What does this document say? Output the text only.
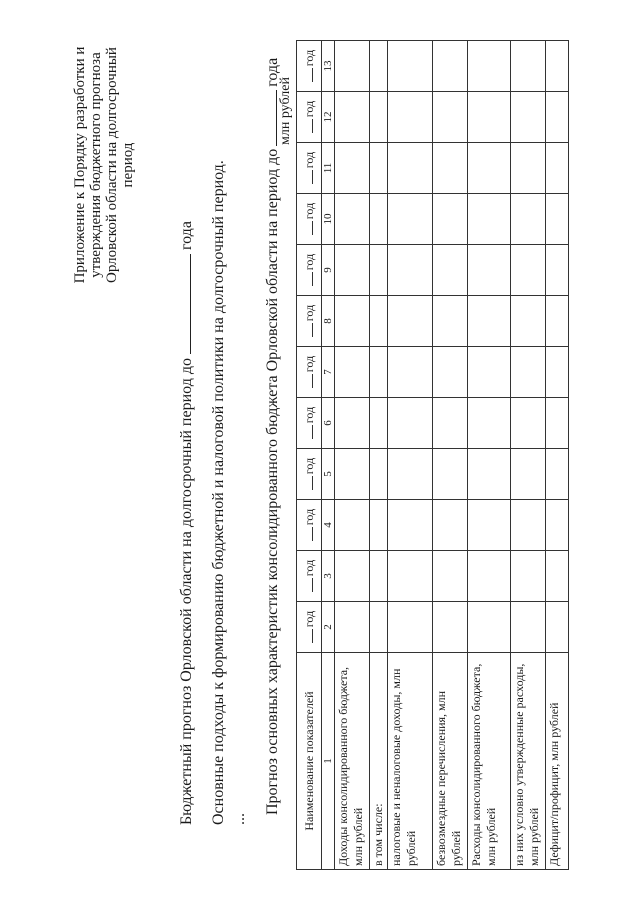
Приложение к Порядку разработки и утверждения бюджетного прогноза Орловской области на долгосрочный период
Бюджетный прогноз Орловской области на долгосрочный период догода Основные подходы к формированию бюджетной и налоговой политики на долгосрочный период. ...
Прогноз основных характеристик консолидированного бюджета Орловской области на период догода
млн рублей
Наименование показателей	год	год	год	год	год	год	год	год	год	год	год	год
1	2	3	4	5	6	7	8	9	10	11	12	13
Доходы консолидированного бюджета, млн рублей												
в том числе:												
налоговые и неналоговые доходы, млн рублей												
безвозмездные перечисления, млн рублей												
Расходы консолидированного бюджета, млн рублей												
из них условно утвержденные расходы, млн рублей												
Дефицит/профицит, млн рублей												
